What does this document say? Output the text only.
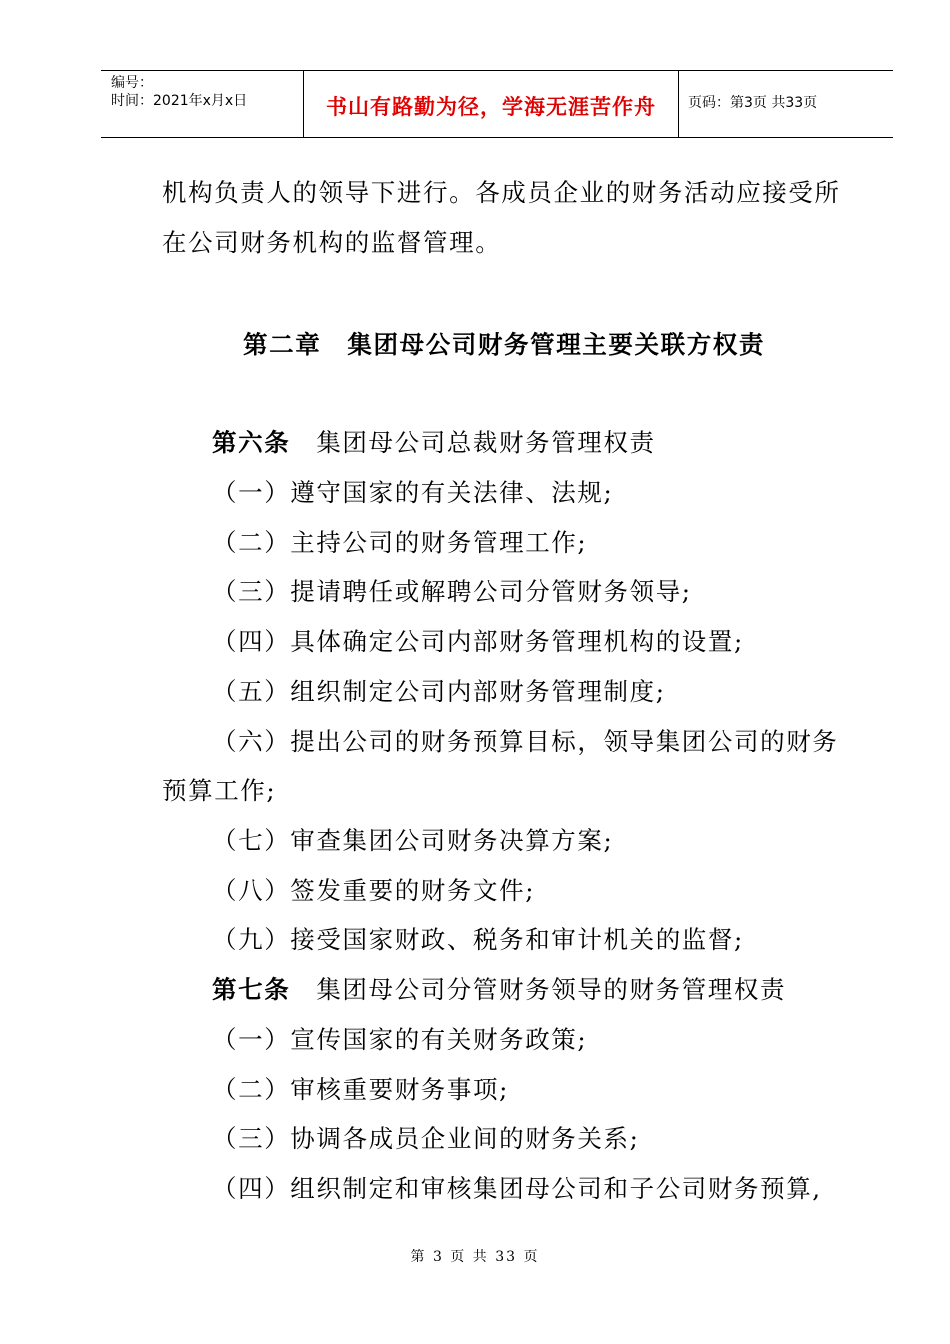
编号：
时间：2021年x月x日	书山有路勤为径，学海无涯苦作舟	页码：第3页 共33页
机构负责人的领导下进行。各成员企业的财务活动应接受所
在公司财务机构的监督管理。
第二章　集团母公司财务管理主要关联方权责
第六条 集团母公司总裁财务管理权责
（一）遵守国家的有关法律、法规;
（二）主持公司的财务管理工作;
（三）提请聘任或解聘公司分管财务领导;
（四）具体确定公司内部财务管理机构的设置;
（五）组织制定公司内部财务管理制度;
（六）提出公司的财务预算目标，领导集团公司的财务
预算工作;
（七）审查集团公司财务决算方案;
（八）签发重要的财务文件;
（九）接受国家财政、税务和审计机关的监督;
第七条 集团母公司分管财务领导的财务管理权责
（一）宣传国家的有关财务政策;
（二）审核重要财务事项;
（三）协调各成员企业间的财务关系;
（四）组织制定和审核集团母公司和子公司财务预算,
第 3 页 共 33 页
